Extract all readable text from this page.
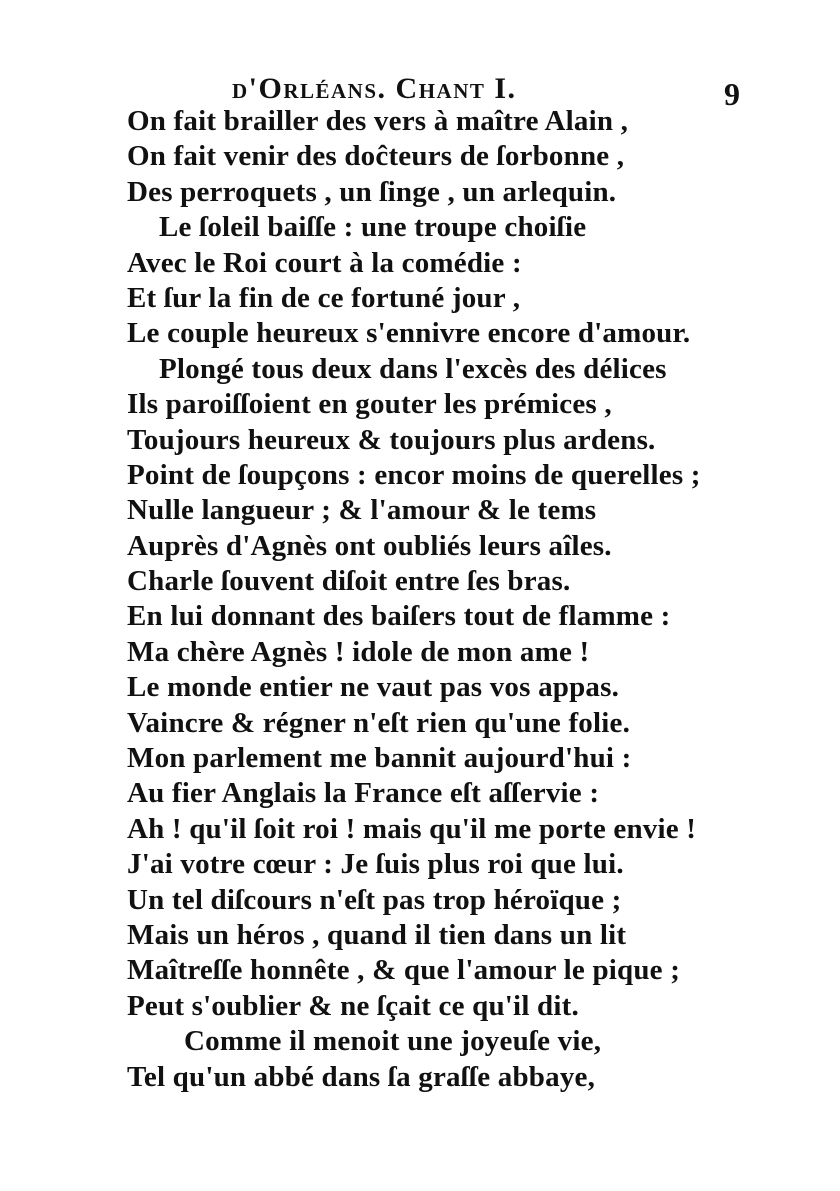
d'Orléans. Chant I.	9
On fait brailler des vers à maître Alain ,
On fait venir des doĉteurs de ſorbonne ,
Des perroquets , un ſinge , un arlequin.
Le ſoleil baiſſe : une troupe choiſie
Avec le Roi court à la comédie :
Et ſur la fin de ce fortuné jour ,
Le couple heureux s'ennivre encore d'amour.
Plongé tous deux dans l'excès des délices
Ils paroiſſoient en gouter les prémices ,
Toujours heureux & toujours plus ardens.
Point de ſoupçons : encor moins de querelles ;
Nulle langueur ; & l'amour & le tems
Auprès d'Agnès ont oubliés leurs aîles.
Charle ſouvent diſoit entre ſes bras.
En lui donnant des baiſers tout de flamme :
Ma chère Agnès ! idole de mon ame !
Le monde entier ne vaut pas vos appas.
Vaincre & régner n'eſt rien qu'une folie.
Mon parlement me bannit aujourd'hui :
Au fier Anglais la France eſt aſſervie :
Ah ! qu'il ſoit roi ! mais qu'il me porte envie !
J'ai votre cœur : Je ſuis plus roi que lui.
Un tel diſcours n'eſt pas trop héroïque ;
Mais un héros , quand il tien dans un lit
Maîtreſſe honnête , & que l'amour le pique ;
Peut s'oublier & ne ſçait ce qu'il dit.
Comme il menoit une joyeuſe vie,
Tel qu'un abbé dans ſa graſſe abbaye,
